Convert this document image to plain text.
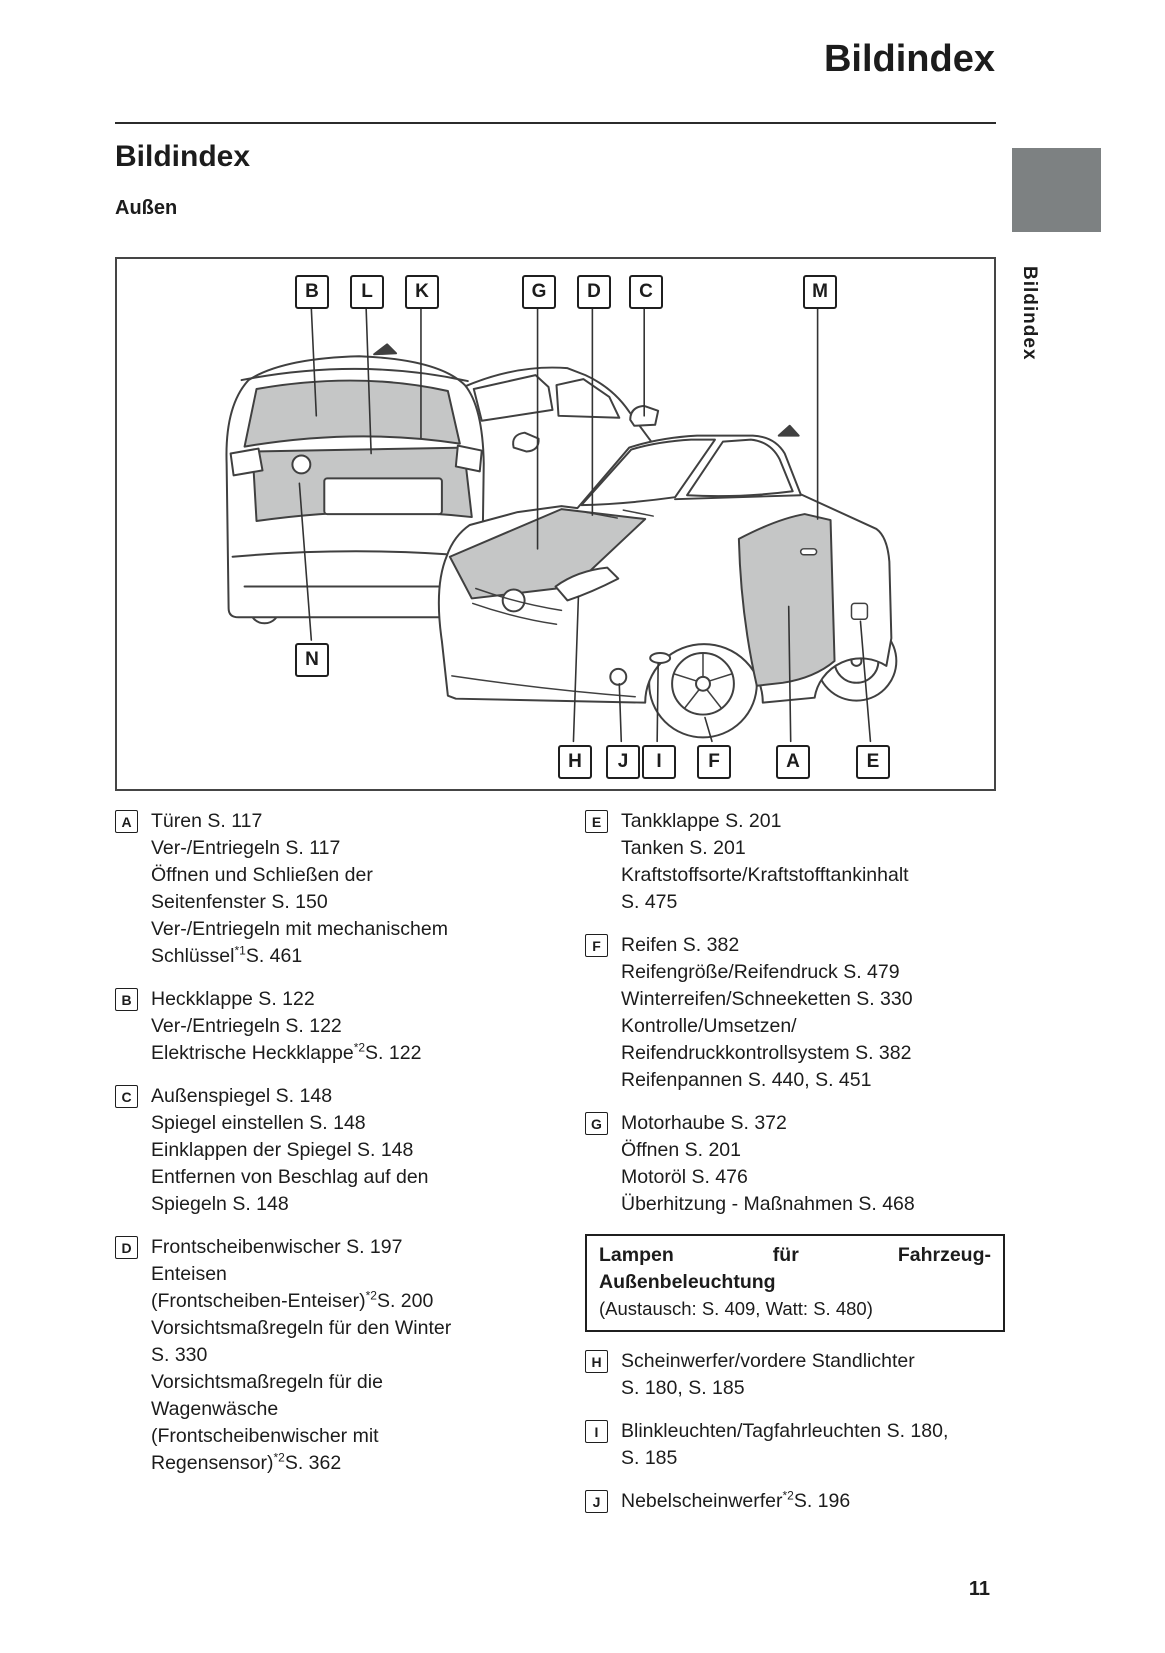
Bildindex
Bildindex
Außen
Bildindex
B	L	K	G	D	C	M
N
H	J	I	F	A	E
A Türen S. 117
Ver-/Entriegeln S. 117
Öffnen und Schließen der
Seitenfenster S. 150
Ver-/Entriegeln mit mechanischem
Schlüssel$^{*1}$S. 461
B Heckklappe S. 122
Ver-/Entriegeln S. 122
Elektrische Heckklappe$^{*2}$S. 122
C Außenspiegel S. 148
Spiegel einstellen S. 148
Einklappen der Spiegel S. 148
Entfernen von Beschlag auf den
Spiegeln S. 148
D Frontscheibenwischer S. 197
Enteisen
(Frontscheiben-Enteiser)$^{*2}$S. 200
Vorsichtsmaßregeln für den Winter
S. 330
Vorsichtsmaßregeln für die
Wagenwäsche
(Frontscheibenwischer mit
Regensensor)$^{*2}$S. 362
E	Tankklappe S. 201
Tanken S. 201
Kraftstoffsorte/Kraftstofftankinhalt
S. 475
F	Reifen S. 382
Reifengröße/Reifendruck S. 479
Winterreifen/Schneeketten S. 330
Kontrolle/Umsetzen/
Reifendruckkontrollsystem S. 382
Reifenpannen S. 440, S. 451
G Motorhaube S. 372
Öffnen S. 201
Motoröl S. 476
Überhitzung - Maßnahmen S. 468
Lampen	für	Fahrzeug-
Außenbeleuchtung
(Austausch: S. 409, Watt: S. 480)
H Scheinwerfer/vordere Standlichter
S. 180, S. 185
I	Blinkleuchten/Tagfahrleuchten S. 180,
S. 185
J	Nebelscheinwerfer$^{*2}$S. 196
11
